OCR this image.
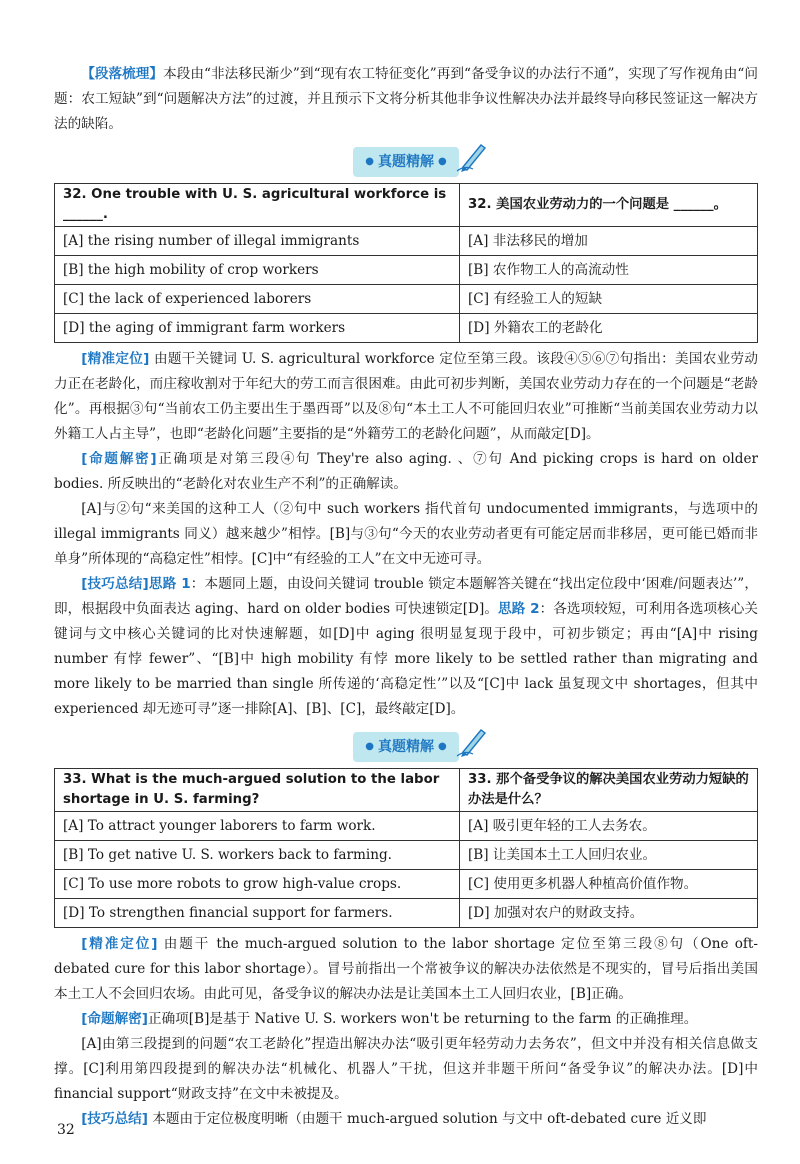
【段落梳理】本段由“非法移民渐少”到“现有农工特征变化”再到“备受争议的办法行不通”，实现了写作视角由“问题：农工短缺”到“问题解决方法”的过渡，并且预示下文将分析其他非争议性解决办法并最终导向移民签证这一解决方法的缺陷。

● 真题精解 ●
32. One trouble with U. S. agricultural workforce is ______.	32. 美国农业劳动力的一个问题是 ______。
[A] the rising number of illegal immigrants	[A] 非法移民的增加
[B] the high mobility of crop workers	[B] 农作物工人的高流动性
[C] the lack of experienced laborers	[C] 有经验工人的短缺
[D] the aging of immigrant farm workers	[D] 外籍农工的老龄化

[精准定位] 由题干关键词 U. S. agricultural workforce 定位至第三段。该段④⑤⑥⑦句指出：美国农业劳动力正在老龄化，而庄稼收割对于年纪大的劳工而言很困难。由此可初步判断，美国农业劳动力存在的一个问题是“老龄化”。再根据③句“当前农工仍主要出生于墨西哥”以及⑧句“本土工人不可能回归农业”可推断“当前美国农业劳动力以外籍工人占主导”，也即“老龄化问题”主要指的是“外籍劳工的老龄化问题”，从而敲定[D]。

[命题解密]正确项是对第三段④句 They're also aging. 、⑦句 And picking crops is hard on older bodies. 所反映出的“老龄化对农业生产不利”的正确解读。

[A]与②句“来美国的这种工人（②句中 such workers 指代首句 undocumented immigrants，与选项中的 illegal immigrants 同义）越来越少”相悖。[B]与③句“今天的农业劳动者更有可能定居而非移居，更可能已婚而非单身”所体现的“高稳定性”相悖。[C]中“有经验的工人”在文中无迹可寻。

[技巧总结]思路 1：本题同上题，由设问关键词 trouble 锁定本题解答关键在“找出定位段中‘困难/问题表达’”，即，根据段中负面表达 aging、hard on older bodies 可快速锁定[D]。思路 2：各选项较短，可利用各选项核心关键词与文中核心关键词的比对快速解题，如[D]中 aging 很明显复现于段中，可初步锁定；再由“[A]中 rising number 有悖 fewer”、“[B]中 high mobility 有悖 more likely to be settled rather than migrating and more likely to be married than single 所传递的‘高稳定性’”以及“[C]中 lack 虽复现文中 shortages，但其中 experienced 却无迹可寻”逐一排除[A]、[B]、[C]，最终敲定[D]。

● 真题精解 ●
33. What is the much-argued solution to the labor shortage in U. S. farming?	33. 那个备受争议的解决美国农业劳动力短缺的办法是什么？
[A] To attract younger laborers to farm work.	[A] 吸引更年轻的工人去务农。
[B] To get native U. S. workers back to farming.	[B] 让美国本土工人回归农业。
[C] To use more robots to grow high-value crops.	[C] 使用更多机器人种植高价值作物。
[D] To strengthen financial support for farmers.	[D] 加强对农户的财政支持。

[精准定位] 由题干 the much-argued solution to the labor shortage 定位至第三段⑧句（One oft-debated cure for this labor shortage）。冒号前指出一个常被争议的解决办法依然是不现实的，冒号后指出美国本土工人不会回归农场。由此可见，备受争议的解决办法是让美国本土工人回归农业，[B]正确。

[命题解密]正确项[B]是基于 Native U. S. workers won't be returning to the farm 的正确推理。

[A]由第三段提到的问题“农工老龄化”捏造出解决办法“吸引更年轻劳动力去务农”，但文中并没有相关信息做支撑。[C]利用第四段提到的解决办法“机械化、机器人”干扰，但这并非题干所问“备受争议”的解决办法。[D]中 financial support“财政支持”在文中未被提及。

[技巧总结] 本题由于定位极度明晰（由题干 much-argued solution 与文中 oft-debated cure 近义即

32
